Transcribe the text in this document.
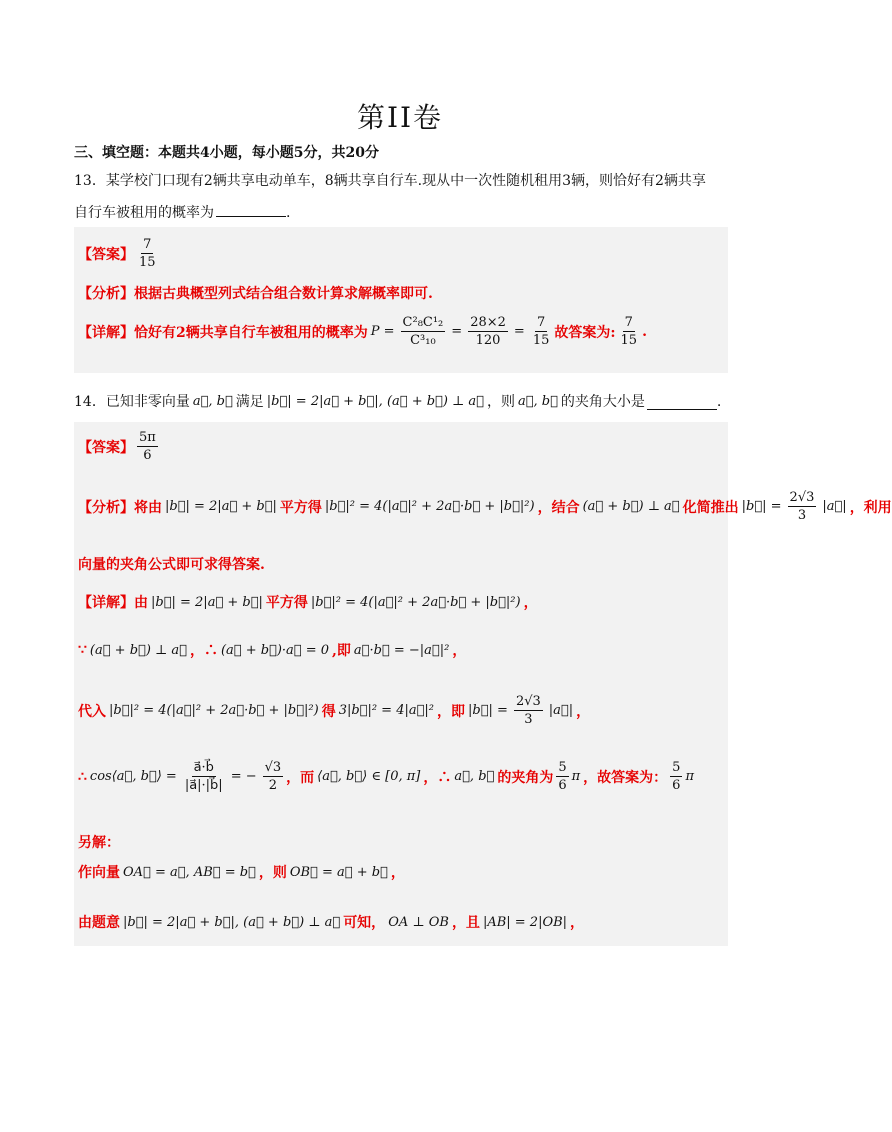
第II卷
三、填空题：本题共4小题，每小题5分，共20分
13．某学校门口现有2辆共享电动单车，8辆共享自行车.现从中一次性随机租用3辆，则恰好有2辆共享
自行车被租用的概率为	.
【答案】 $\frac{7}{15}$
【分析】根据古典概型列式结合组合数计算求解概率即可.
【详解】恰好有2辆共享自行车被租用的概率为 $P = \frac{\text{C²₈C¹₂}}{\text{C³₁₀}} = \frac{28\times 2}{120} = \frac{7}{15}$ 故答案为: $\frac{7}{15}$ .
14．已知非零向量 a⃗, b⃗ 满足 |b⃗| = 2|a⃗ + b⃗|, (a⃗ + b⃗) ⊥ a⃗ ，则 a⃗, b⃗ 的夹角大小是	.
【答案】 $\frac{5\pi}{6}$
【分析】将由 |b⃗| = 2|a⃗ + b⃗| 平方得 |b⃗|² = 4(|a⃗|² + 2a⃗·b⃗ + |b⃗|²) ，结合 (a⃗ + b⃗) ⊥ a⃗ 化简推出 |b⃗| = $\frac{2√3}{3}$ |a⃗| ，利用
向量的夹角公式即可求得答案.
【详解】由 |b⃗| = 2|a⃗ + b⃗| 平方得 |b⃗|² = 4(|a⃗|² + 2a⃗·b⃗ + |b⃗|²) ，
∵ (a⃗ + b⃗) ⊥ a⃗ ，∴ (a⃗ + b⃗)·a⃗ = 0 ,即 a⃗·b⃗ = −|a⃗|² ，
代入 |b⃗|² = 4(|a⃗|² + 2a⃗·b⃗ + |b⃗|²) 得 3|b⃗|² = 4|a⃗|² ，即 |b⃗| = $\frac{2√3}{3}$ |a⃗| ，
∴ cos⟨a⃗, b⃗⟩ = $\frac{a⃗\cdot b⃗}{|a⃗|\cdot|b⃗|}$ = − $\frac{√3}{2}$ ，而 ⟨a⃗, b⃗⟩ ∈ [0, π] ，∴ a⃗, b⃗ 的夹角为 $\frac{5}{6}$ π ，故答案为： $\frac{5}{6}$ π
另解：
作向量 OA⃗ = a⃗, AB⃗ = b⃗ ，则 OB⃗ = a⃗ + b⃗ ，
由题意 |b⃗| = 2|a⃗ + b⃗|, (a⃗ + b⃗) ⊥ a⃗ 可知， OA ⊥ OB ，且 |AB| = 2|OB| ，
